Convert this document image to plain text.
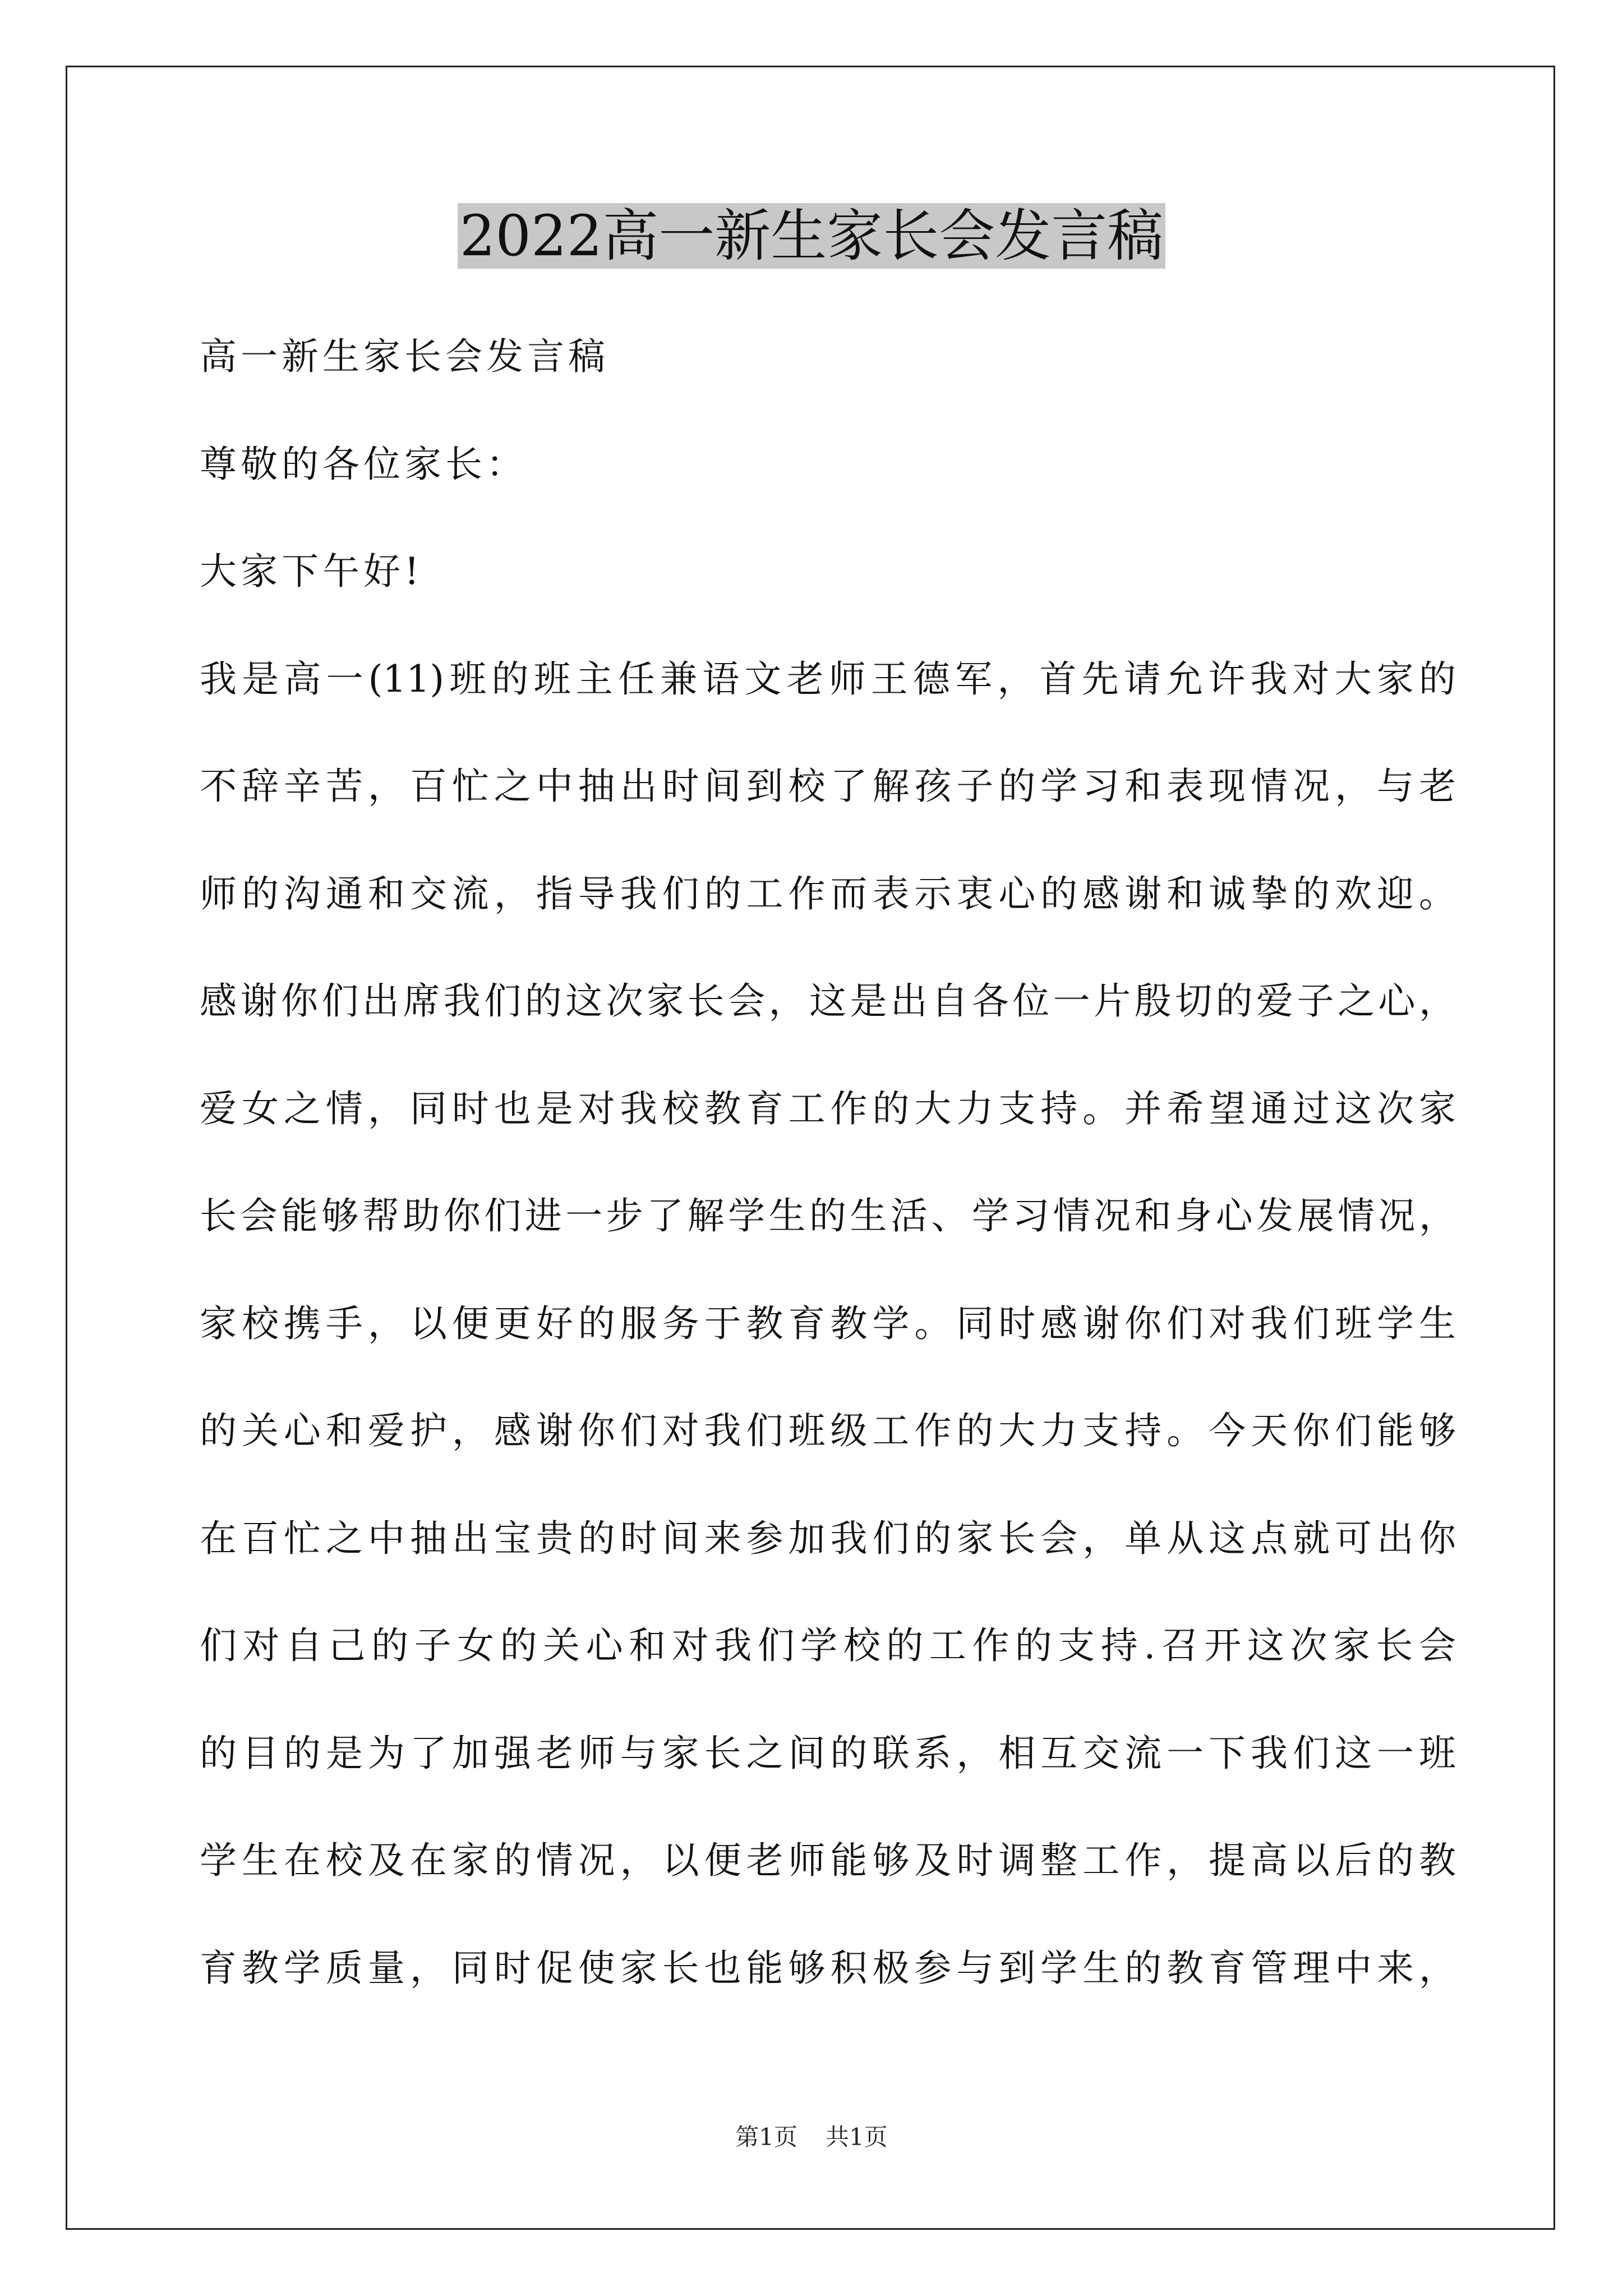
2022高一新生家长会发言稿
高一新生家长会发言稿
尊敬的各位家长：
大家下午好!
我是高一(11)班的班主任兼语文老师王德军，首先请允许我对大家的
不辞辛苦，百忙之中抽出时间到校了解孩子的学习和表现情况，与老
师的沟通和交流，指导我们的工作而表示衷心的感谢和诚挚的欢迎。
感谢你们出席我们的这次家长会，这是出自各位一片殷切的爱子之心，
爱女之情，同时也是对我校教育工作的大力支持。并希望通过这次家
长会能够帮助你们进一步了解学生的生活、学习情况和身心发展情况，
家校携手，以便更好的服务于教育教学。同时感谢你们对我们班学生
的关心和爱护，感谢你们对我们班级工作的大力支持。今天你们能够
在百忙之中抽出宝贵的时间来参加我们的家长会，单从这点就可出你
们对自己的子女的关心和对我们学校的工作的支持.召开这次家长会
的目的是为了加强老师与家长之间的联系，相互交流一下我们这一班
学生在校及在家的情况，以便老师能够及时调整工作，提高以后的教
育教学质量，同时促使家长也能够积极参与到学生的教育管理中来，
第1页 共1页
